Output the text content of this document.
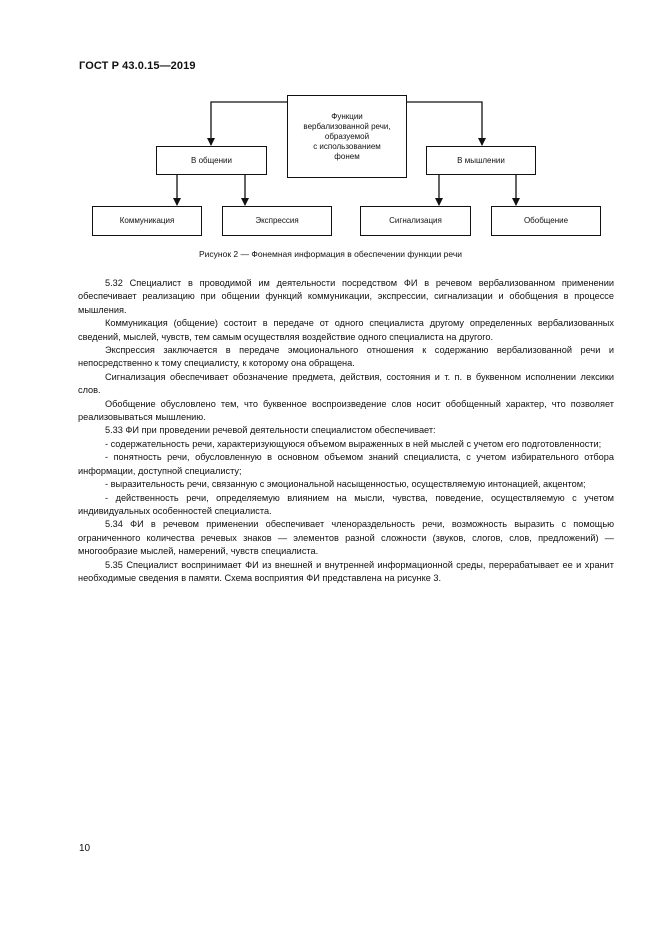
ГОСТ Р 43.0.15—2019
Функции
вербализованной речи,
образуемой
с использованием
фонем
В общении	В мышлении
Коммуникация	Экспрессия	Сигнализация	Обобщение
Рисунок 2 — Фонемная информация в обеспечении функции речи

5.32 Специалист в проводимой им деятельности посредством ФИ в речевом вербализованном применении обеспечивает реализацию при общении функций коммуникации, экспрессии, сигнализации и обобщения в процессе мышления.

Коммуникация (общение) состоит в передаче от одного специалиста другому определенных вербализованных сведений, мыслей, чувств, тем самым осуществляя воздействие одного специалиста на другого.

Экспрессия заключается в передаче эмоционального отношения к содержанию вербализованной речи и непосредственно к тому специалисту, к которому она обращена.

Сигнализация обеспечивает обозначение предмета, действия, состояния и т. п. в буквенном исполнении лексики слов.

Обобщение обусловлено тем, что буквенное воспроизведение слов носит обобщенный характер, что позволяет реализовываться мышлению.

5.33 ФИ при проведении речевой деятельности специалистом обеспечивает:

- содержательность речи, характеризующуюся объемом выраженных в ней мыслей с учетом его подготовленности;

- понятность речи, обусловленную в основном объемом знаний специалиста, с учетом избирательного отбора информации, доступной специалисту;

- выразительность речи, связанную с эмоциональной насыщенностью, осуществляемую интонацией, акцентом;

- действенность речи, определяемую влиянием на мысли, чувства, поведение, осуществляемую с учетом индивидуальных особенностей специалиста.

5.34 ФИ в речевом применении обеспечивает членораздельность речи, возможность выразить с помощью ограниченного количества речевых знаков — элементов разной сложности (звуков, слогов, слов, предложений) — многообразие мыслей, намерений, чувств специалиста.

5.35 Специалист воспринимает ФИ из внешней и внутренней информационной среды, перерабатывает ее и хранит необходимые сведения в памяти. Схема восприятия ФИ представлена на рисунке 3.

10
